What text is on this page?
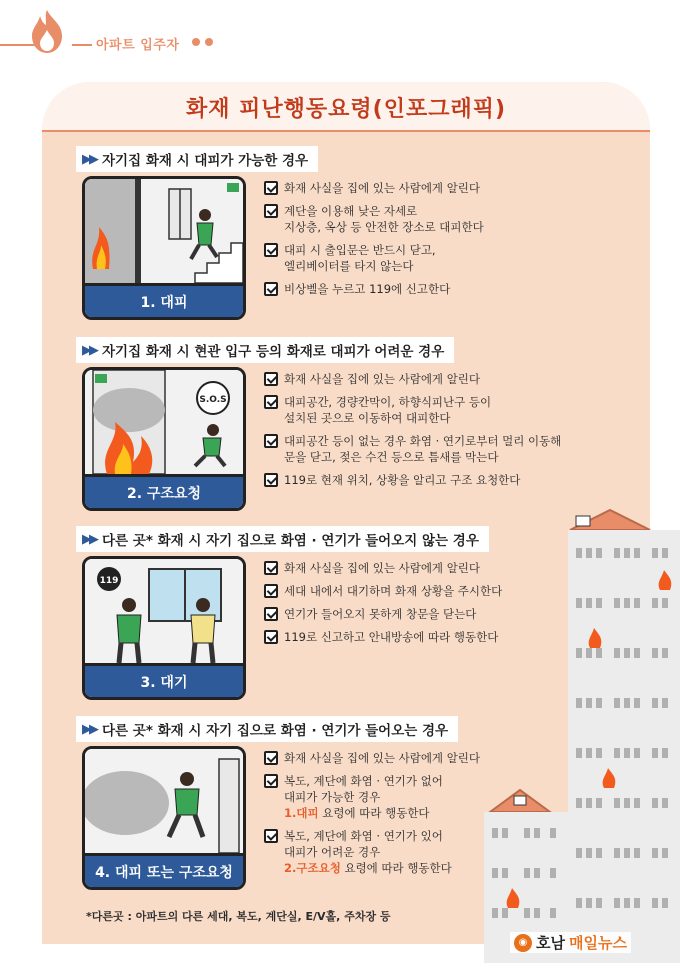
아파트 입주자
화재 피난행동요령(인포그래픽)
▶▶ 자기집 화재 시 대피가 가능한 경우
1. 대피
화재 사실을 집에 있는 사람에게 알린다
계단을 이용해 낮은 자세로
지상층, 옥상 등 안전한 장소로 대피한다
대피 시 출입문은 반드시 닫고,
엘리베이터를 타지 않는다
비상벨을 누르고 119에 신고한다
▶▶ 자기집 화재 시 현관 입구 등의 화재로 대피가 어려운 경우
S.O.S
2. 구조요청
화재 사실을 집에 있는 사람에게 알린다
대피공간, 경량칸막이, 하향식피난구 등이
설치된 곳으로 이동하여 대피한다
대피공간 등이 없는 경우 화염 · 연기로부터 멀리 이동해
문을 닫고, 젖은 수건 등으로 틈새를 막는다
119로 현재 위치, 상황을 알리고 구조 요청한다
▶▶ 다른 곳* 화재 시 자기 집으로 화염 · 연기가 들어오지 않는 경우
119
3. 대기
화재 사실을 집에 있는 사람에게 알린다
세대 내에서 대기하며 화재 상황을 주시한다
연기가 들어오지 못하게 창문을 닫는다
119로 신고하고 안내방송에 따라 행동한다
▶▶ 다른 곳* 화재 시 자기 집으로 화염 · 연기가 들어오는 경우
4. 대피 또는 구조요청
화재 사실을 집에 있는 사람에게 알린다
복도, 계단에 화염 · 연기가 없어
대피가 가능한 경우
1.대피 요령에 따라 행동한다
복도, 계단에 화염 · 연기가 있어
대피가 어려운 경우
2.구조요청 요령에 따라 행동한다
*다른곳 : 아파트의 다른 세대, 복도, 계단실, E/V홀, 주차장 등
◉ 호남 매일뉴스
